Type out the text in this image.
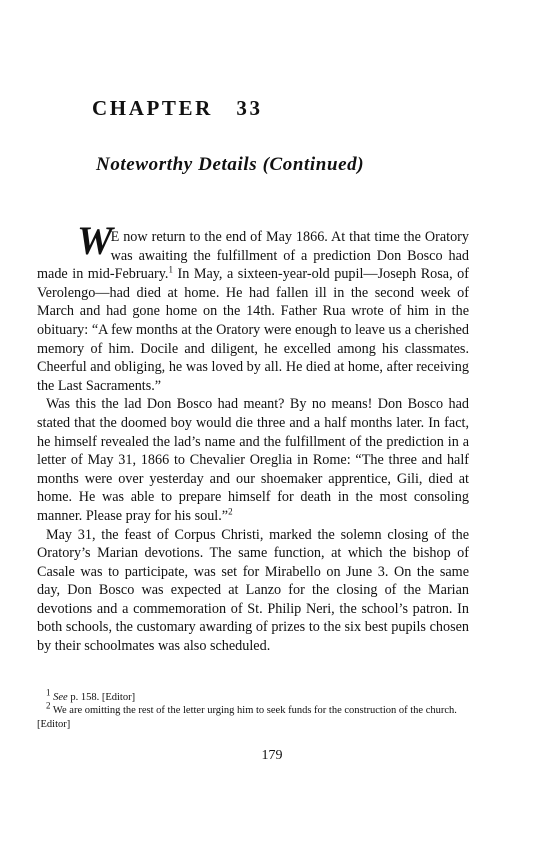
CHAPTER   33
Noteworthy Details (Continued)

W E now return to the end of May 1866. At that time the Oratory was awaiting the fulfillment of a prediction Don Bosco had made in mid-February.$^1$ In May, a sixteen-year-old pupil—Joseph Rosa, of Verolengo—had died at home. He had fallen ill in the second week of March and had gone home on the 14th. Father Rua wrote of him in the obituary: “A few months at the Oratory were enough to leave us a cherished memory of him. Docile and diligent, he excelled among his classmates. Cheerful and obliging, he was loved by all. He died at home, after receiving the Last Sacraments.”

Was this the lad Don Bosco had meant? By no means! Don Bosco had stated that the doomed boy would die three and a half months later. In fact, he himself revealed the lad’s name and the fulfillment of the prediction in a letter of May 31, 1866 to Chevalier Oreglia in Rome: “The three and half months were over yesterday and our shoemaker apprentice, Gili, died at home. He was able to prepare himself for death in the most consoling manner. Please pray for his soul.”$^2$

May 31, the feast of Corpus Christi, marked the solemn closing of the Oratory’s Marian devotions. The same function, at which the bishop of Casale was to participate, was set for Mirabello on June 3. On the same day, Don Bosco was expected at Lanzo for the closing of the Marian devotions and a commemoration of St. Philip Neri, the school’s patron. In both schools, the customary awarding of prizes to the six best pupils chosen by their schoolmates was also scheduled.

1 See p. 158. [Editor]

2 We are omitting the rest of the letter urging him to seek funds for the construction of the church. [Editor]

179
